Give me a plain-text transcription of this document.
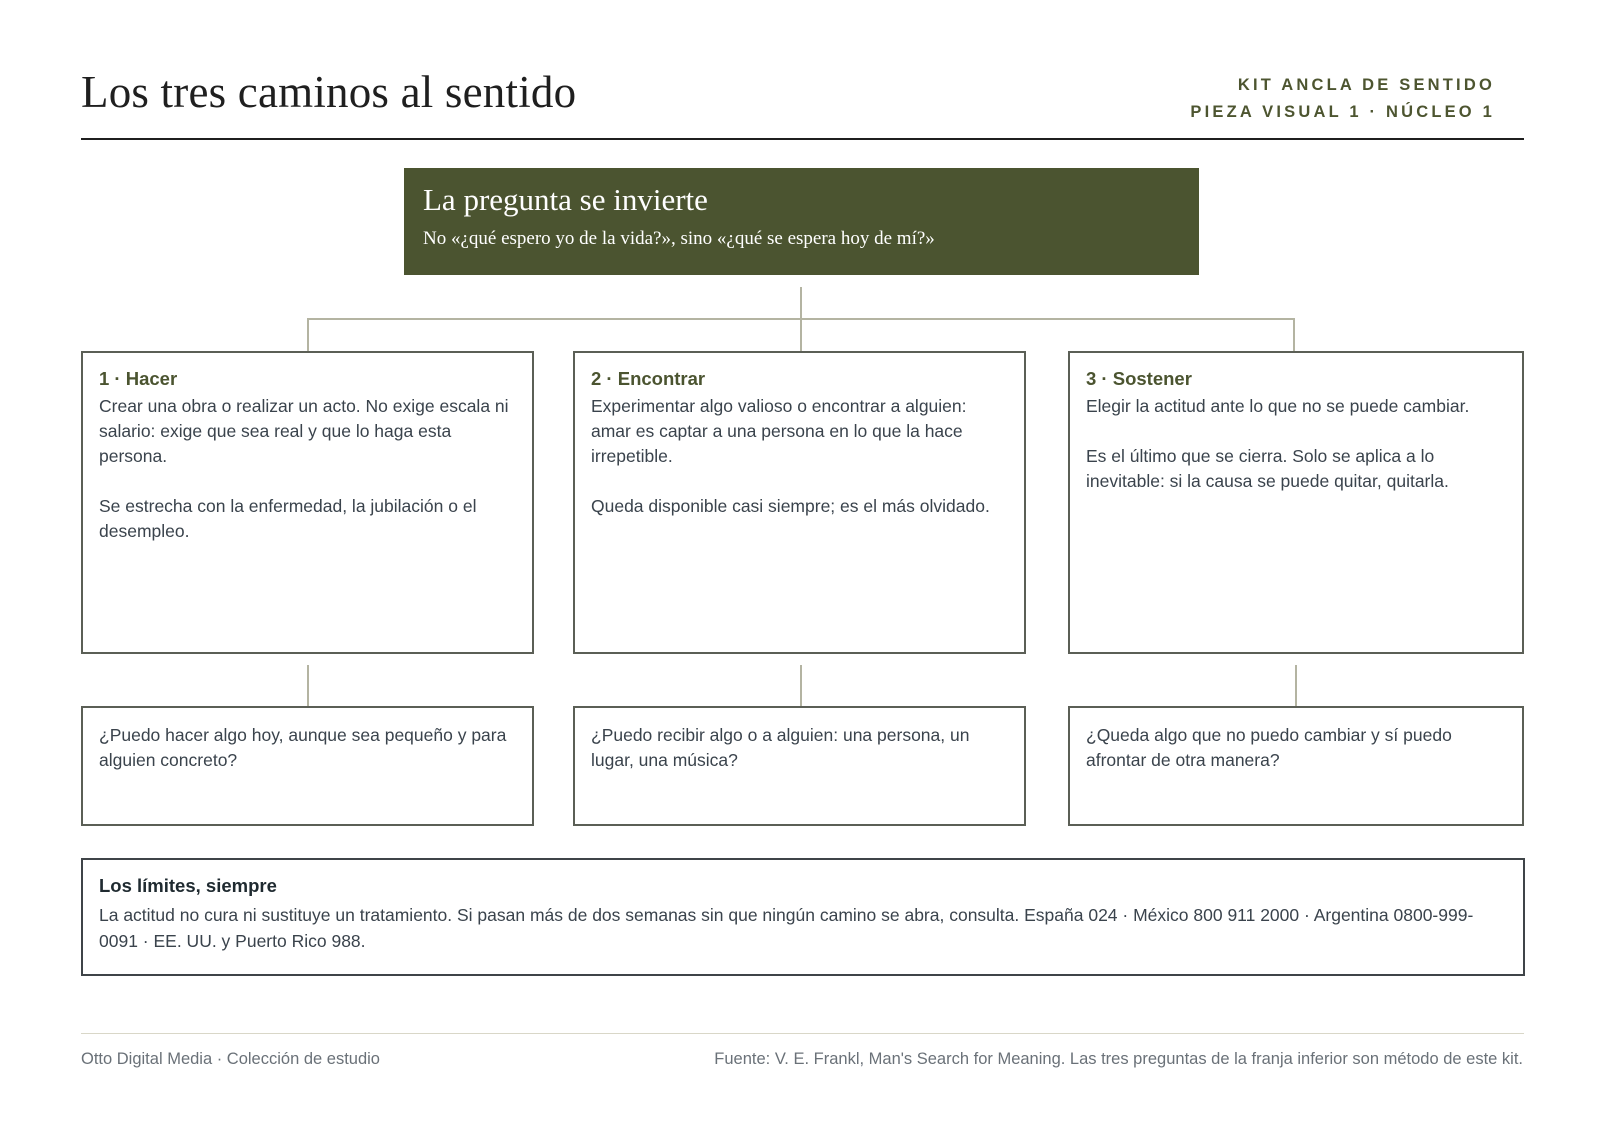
Los tres caminos al sentido	KIT ANCLA DE SENTIDO
PIEZA VISUAL 1 · NÚCLEO 1
La pregunta se invierte
No «¿qué espero yo de la vida?», sino «¿qué se espera hoy de mí?»
1 · Hacer

Crear una obra o realizar un acto. No exige escala ni salario: exige que sea real y que lo haga esta persona.

Se estrecha con la enfermedad, la jubilación o el desempleo.

2 · Encontrar

Experimentar algo valioso o encontrar a alguien: amar es captar a una persona en lo que la hace irrepetible.

Queda disponible casi siempre; es el más olvidado.

3 · Sostener

Elegir la actitud ante lo que no se puede cambiar.

Es el último que se cierra. Solo se aplica a lo inevitable: si la causa se puede quitar, quitarla.

¿Puedo hacer algo hoy, aunque sea pequeño y para alguien concreto?
¿Puedo recibir algo o a alguien: una persona, un lugar, una música?
¿Queda algo que no puedo cambiar y sí puedo afrontar de otra manera?
Los límites, siempre
La actitud no cura ni sustituye un tratamiento. Si pasan más de dos semanas sin que ningún camino se abra, consulta. España 024 · México 800 911 2000 · Argentina 0800-999-0091 · EE. UU. y Puerto Rico 988.
Otto Digital Media · Colección de estudio	Fuente: V. E. Frankl, Man's Search for Meaning. Las tres preguntas de la franja inferior son método de este kit.
